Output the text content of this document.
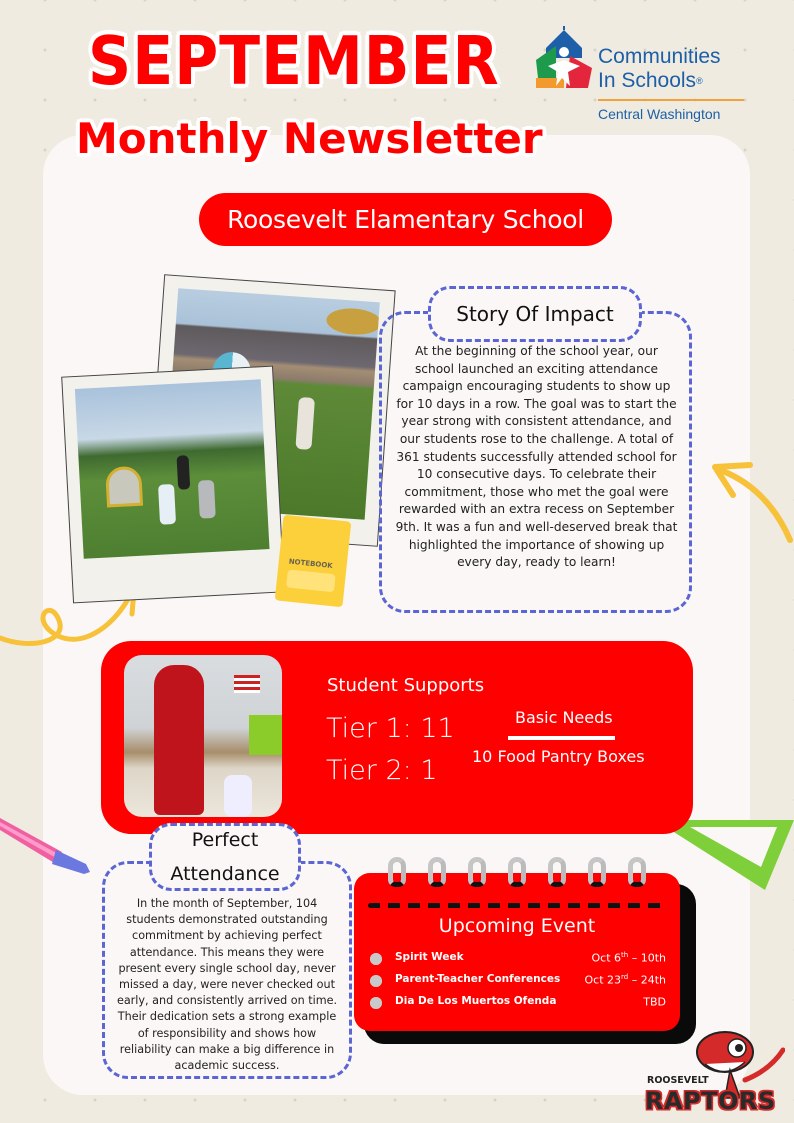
SEPTEMBER
Monthly Newsletter
Communities
In Schools®
Central Washington
Roosevelt Elamentary School
NOTEBOOK
Story Of Impact
At the beginning of the school year, our school launched an exciting attendance campaign encouraging students to show up for 10 days in a row. The goal was to start the year strong with consistent attendance, and our students rose to the challenge. A total of 361 students successfully attended school for 10 consecutive days. To celebrate their commitment, those who met the goal were rewarded with an extra recess on September 9th. It was a fun and well-deserved break that highlighted the importance of showing up every day, ready to learn!
Student Supports
Tier 1: 11
Tier 2: 1
Basic Needs
10 Food Pantry Boxes
Perfect
Attendance
In the month of September, 104 students demonstrated outstanding commitment by achieving perfect attendance. This means they were present every single school day, never missed a day, were never checked out early, and consistently arrived on time. Their dedication sets a strong example of responsibility and shows how reliability can make a big difference in academic success.
Upcoming Event
Spirit Week	Oct 6th – 10th
Parent-Teacher Conferences Oct 23rd – 24th
Dia De Los Muertos Ofenda	TBD
ROOSEVELT
RAPTORS
